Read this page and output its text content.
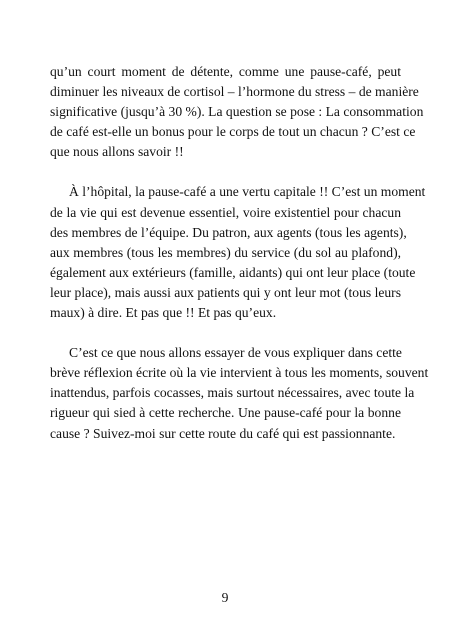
qu’un court moment de détente, comme une pause-café, peut
diminuer les niveaux de cortisol – l’hormone du stress – de manière
significative (jusqu’à 30 %). La question se pose : La consommation
de café est-elle un bonus pour le corps de tout un chacun ? C’est ce
que nous allons savoir !!
À l’hôpital, la pause-café a une vertu capitale !! C’est un moment
de la vie qui est devenue essentiel, voire existentiel pour chacun
des membres de l’équipe. Du patron, aux agents (tous les agents),
aux membres (tous les membres) du service (du sol au plafond),
également aux extérieurs (famille, aidants) qui ont leur place (toute
leur place), mais aussi aux patients qui y ont leur mot (tous leurs
maux) à dire. Et pas que !! Et pas qu’eux.
C’est ce que nous allons essayer de vous expliquer dans cette
brève réflexion écrite où la vie intervient à tous les moments, souvent
inattendus, parfois cocasses, mais surtout nécessaires, avec toute la
rigueur qui sied à cette recherche. Une pause-café pour la bonne
cause ? Suivez-moi sur cette route du café qui est passionnante.
9
